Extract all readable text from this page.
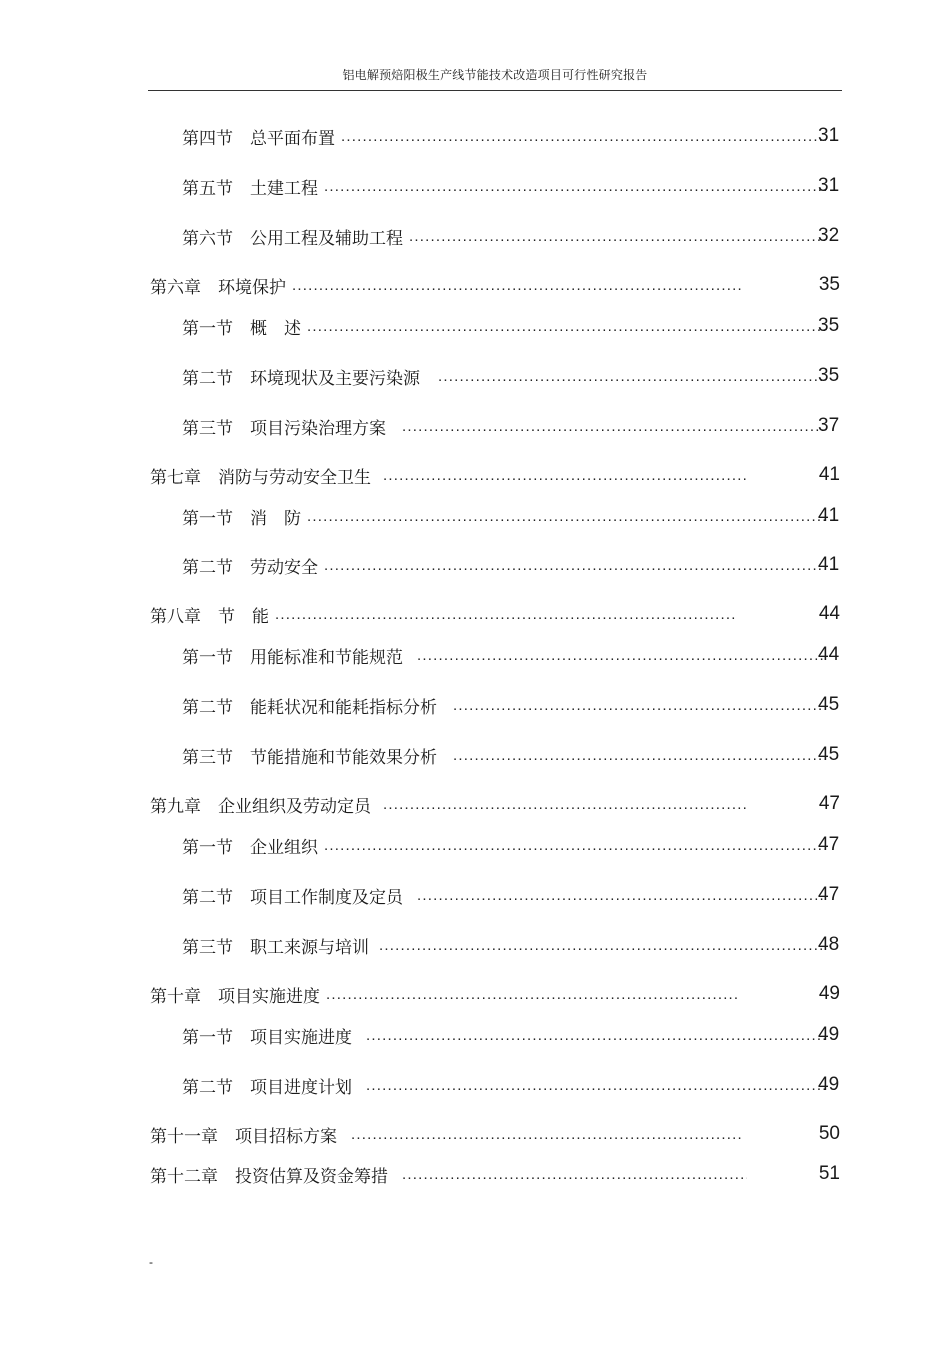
铝电解预焙阳极生产线节能技术改造项目可行性研究报告
第四节　总平面布置 .....	31
第五节　土建工程 .....	31
第六节　公用工程及辅助工程 .....	32
第六章　环境保护 .....	35
第一节　概　述 .....	35
第二节　环境现状及主要污染源 .....	35
第三节　项目污染治理方案 .....	37
第七章　消防与劳动安全卫生 .....	41
第一节　消　防 .....	41
第二节　劳动安全 .....	41
第八章　节　能 .....	44
第一节　用能标准和节能规范 .....	44
第二节　能耗状况和能耗指标分析 .....	45
第三节　节能措施和节能效果分析 .....	45
第九章　企业组织及劳动定员 .....	47
第一节　企业组织 .....	47
第二节　项目工作制度及定员 .....	47
第三节　职工来源与培训 .....	48
第十章　项目实施进度 .....	49
第一节　项目实施进度 .....	49
第二节　项目进度计划 .....	49
第十一章　项目招标方案 .....	50
第十二章　投资估算及资金筹措 .....	51
-
